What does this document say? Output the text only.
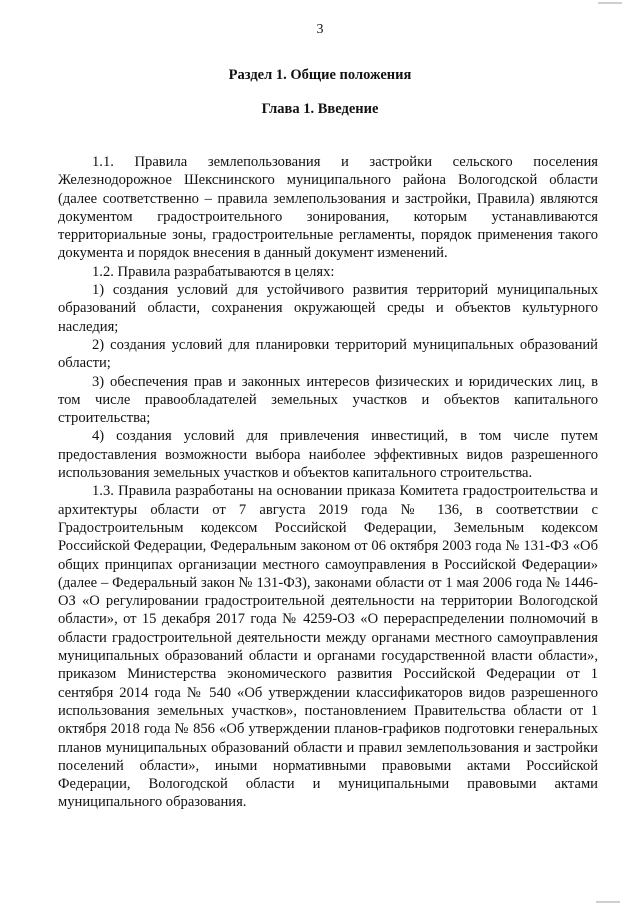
3
Раздел 1. Общие положения
Глава 1. Введение

1.1. Правила землепользования и застройки сельского поселения Железнодорожное Шекснинского муниципального района Вологодской области (далее соответственно – правила землепользования и застройки, Правила) являются документом градостроительного зонирования, которым устанавливаются территориальные зоны, градостроительные регламенты, порядок применения такого документа и порядок внесения в данный документ изменений.

1.2. Правила разрабатываются в целях:

1) создания условий для устойчивого развития территорий муниципальных образований области, сохранения окружающей среды и объектов культурного наследия;

2) создания условий для планировки территорий муниципальных образований области;

3) обеспечения прав и законных интересов физических и юридических лиц, в том числе правообладателей земельных участков и объектов капитального строительства;

4) создания условий для привлечения инвестиций, в том числе путем предоставления возможности выбора наиболее эффективных видов разрешенного использования земельных участков и объектов капитального строительства.

1.3. Правила разработаны на основании приказа Комитета градостроительства и архитектуры области от 7 августа 2019 года № 136, в соответствии с Градостроительным кодексом Российской Федерации, Земельным кодексом Российской Федерации, Федеральным законом от 06 октября 2003 года № 131-ФЗ «Об общих принципах организации местного самоуправления в Российской Федерации» (далее – Федеральный закон № 131-ФЗ), законами области от 1 мая 2006 года № 1446-ОЗ «О регулировании градостроительной деятельности на территории Вологодской области», от 15 декабря 2017 года № 4259-ОЗ «О перераспределении полномочий в области градостроительной деятельности между органами местного самоуправления муниципальных образований области и органами государственной власти области», приказом Министерства экономического развития Российской Федерации от 1 сентября 2014 года № 540 «Об утверждении классификаторов видов разрешенного использования земельных участков», постановлением Правительства области от 1 октября 2018 года № 856 «Об утверждении планов-графиков подготовки генеральных планов муниципальных образований области и правил землепользования и застройки поселений области», иными нормативными правовыми актами Российской Федерации, Вологодской области и муниципальными правовыми актами муниципального образования.
